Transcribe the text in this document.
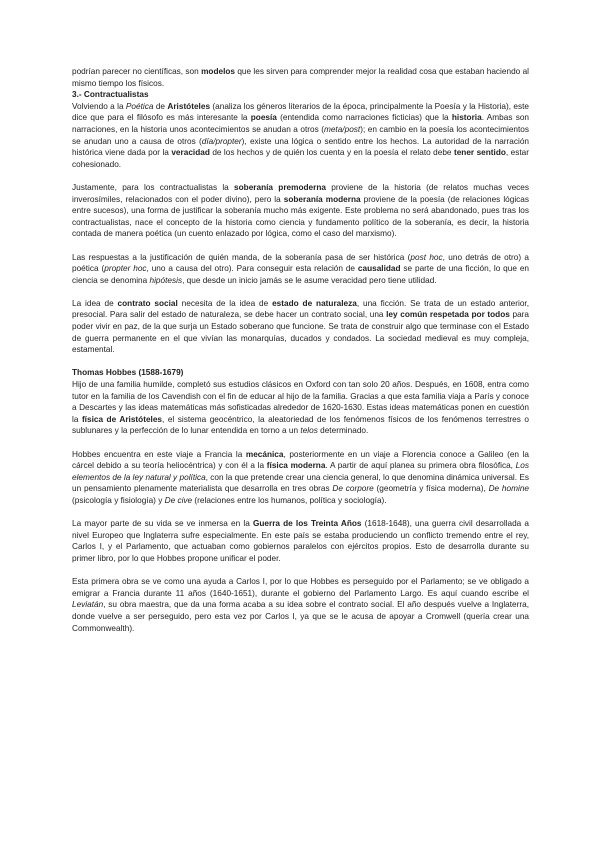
podrían parecer no científicas, son modelos que les sirven para comprender mejor la realidad cosa que estaban haciendo al mismo tiempo los físicos.

3.- Contractualistas

Volviendo a la Poética de Aristóteles (analiza los géneros literarios de la época, principalmente la Poesía y la Historia), este dice que para el filósofo es más interesante la poesía (entendida como narraciones ficticias) que la historia. Ambas son narraciones, en la historia unos acontecimientos se anudan a otros (meta/post); en cambio en la poesía los acontecimientos se anudan uno a causa de otros (día/propter), existe una lógica o sentido entre los hechos. La autoridad de la narración histórica viene dada por la veracidad de los hechos y de quién los cuenta y en la poesía el relato debe tener sentido, estar cohesionado.

Justamente, para los contractualistas la soberanía premoderna proviene de la historia (de relatos muchas veces inverosímiles, relacionados con el poder divino), pero la soberanía moderna proviene de la poesía (de relaciones lógicas entre sucesos), una forma de justificar la soberanía mucho más exigente. Este problema no será abandonado, pues tras los contractualistas, nace el concepto de la historia como ciencia y fundamento político de la soberanía, es decir, la historia contada de manera poética (un cuento enlazado por lógica, como el caso del marxismo).

Las respuestas a la justificación de quién manda, de la soberanía pasa de ser histórica (post hoc, uno detrás de otro) a poética (propter hoc, uno a causa del otro). Para conseguir esta relación de causalidad se parte de una ficción, lo que en ciencia se denomina hipótesis, que desde un inicio jamás se le asume veracidad pero tiene utilidad.

La idea de contrato social necesita de la idea de estado de naturaleza, una ficción. Se trata de un estado anterior, presocial. Para salir del estado de naturaleza, se debe hacer un contrato social, una ley común respetada por todos para poder vivir en paz, de la que surja un Estado soberano que funcione. Se trata de construir algo que terminase con el Estado de guerra permanente en el que vivían las monarquías, ducados y condados. La sociedad medieval es muy compleja, estamental.

Thomas Hobbes (1588-1679)

Hijo de una familia humilde, completó sus estudios clásicos en Oxford con tan solo 20 años. Después, en 1608, entra como tutor en la familia de los Cavendish con el fin de educar al hijo de la familia. Gracias a que esta familia viaja a París y conoce a Descartes y las ideas matemáticas más sofisticadas alrededor de 1620-1630. Estas ideas matemáticas ponen en cuestión la física de Aristóteles, el sistema geocéntrico, la aleatoriedad de los fenómenos físicos de los fenómenos terrestres o sublunares y la perfección de lo lunar entendida en torno a un telos determinado.

Hobbes encuentra en este viaje a Francia la mecánica, posteriormente en un viaje a Florencia conoce a Galileo (en la cárcel debido a su teoría heliocéntrica) y con él a la física moderna. A partir de aquí planea su primera obra filosófica, Los elementos de la ley natural y política, con la que pretende crear una ciencia general, lo que denomina dinámica universal. Es un pensamiento plenamente materialista que desarrolla en tres obras De corpore (geometría y física moderna), De homine (psicología y fisiología) y De cive (relaciones entre los humanos, política y sociología).

La mayor parte de su vida se ve inmersa en la Guerra de los Treinta Años (1618-1648), una guerra civil desarrollada a nivel Europeo que Inglaterra sufre especialmente. En este país se estaba produciendo un conflicto tremendo entre el rey, Carlos I, y el Parlamento, que actuaban como gobiernos paralelos con ejércitos propios. Esto de desarrolla durante su primer libro, por lo que Hobbes propone unificar el poder.

Esta primera obra se ve como una ayuda a Carlos I, por lo que Hobbes es perseguido por el Parlamento; se ve obligado a emigrar a Francia durante 11 años (1640-1651), durante el gobierno del Parlamento Largo. Es aquí cuando escribe el Leviatán, su obra maestra, que da una forma acaba a su idea sobre el contrato social. El año después vuelve a Inglaterra, donde vuelve a ser perseguido, pero esta vez por Carlos I, ya que se le acusa de apoyar a Cromwell (quería crear una Commonwealth).
